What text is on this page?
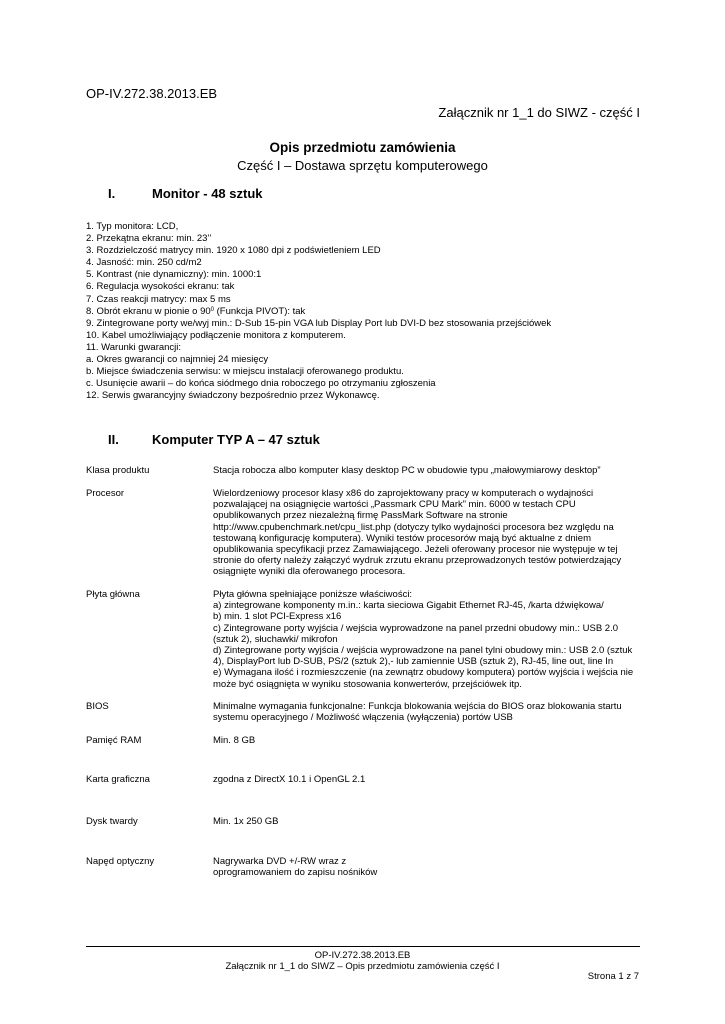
OP-IV.272.38.2013.EB
Załącznik nr 1_1 do SIWZ - część I
Opis przedmiotu zamówienia
Część I – Dostawa sprzętu komputerowego
I.	Monitor - 48 sztuk
1. Typ monitora: LCD,
2. Przekątna ekranu: min. 23’’
3. Rozdzielczość matrycy min. 1920 x 1080 dpi z podświetleniem LED
4. Jasność: min. 250 cd/m2
5. Kontrast (nie dynamiczny): min. 1000:1
6. Regulacja wysokości ekranu: tak
7. Czas reakcji matrycy: max 5 ms
8. Obrót ekranu w pionie o $90^0$ (Funkcja PIVOT): tak
9. Zintegrowane porty we/wyj min.: D-Sub 15-pin VGA lub Display Port lub DVI-D bez stosowania przejściówek
10. Kabel umożliwiający podłączenie monitora z komputerem.
11. Warunki gwarancji:
a. Okres gwarancji co najmniej 24 miesięcy
b. Miejsce świadczenia serwisu: w miejscu instalacji oferowanego produktu.
c. Usunięcie awarii – do końca siódmego dnia roboczego po otrzymaniu zgłoszenia
12. Serwis gwarancyjny świadczony bezpośrednio przez Wykonawcę.
II.	Komputer TYP A – 47 sztuk
Klasa produktu	Stacja robocza albo komputer klasy desktop PC w obudowie typu „małowymiarowy desktop”
Procesor	Wielordzeniowy procesor klasy x86 do zaprojektowany pracy w komputerach o wydajności
pozwalającej na osiągnięcie wartości „Passmark CPU Mark” min. 6000 w testach CPU
opublikowanych przez niezależną firmę PassMark Software na stronie
http://www.cpubenchmark.net/cpu_list.php (dotyczy tylko wydajności procesora bez względu na
testowaną konfigurację komputera). Wyniki testów procesorów mają być aktualne z dniem
opublikowania specyfikacji przez Zamawiającego. Jeżeli oferowany procesor nie występuje w tej
stronie do oferty należy załączyć wydruk zrzutu ekranu przeprowadzonych testów potwierdzający
osiągnięte wyniki dla oferowanego procesora.
Płyta główna	Płyta główna spełniające poniższe właściwości:
a) zintegrowane komponenty m.in.: karta sieciowa Gigabit Ethernet RJ-45, /karta dźwiękowa/
b) min. 1 slot PCI-Express x16
c) Zintegrowane porty wyjścia / wejścia wyprowadzone na panel przedni obudowy min.: USB 2.0
(sztuk 2), słuchawki/ mikrofon
d) Zintegrowane porty wyjścia / wejścia wyprowadzone na panel tylni obudowy min.: USB 2.0 (sztuk
4), DisplayPort lub D-SUB, PS/2 (sztuk 2),- lub zamiennie USB (sztuk 2), RJ-45, line out, line In
e) Wymagana ilość i rozmieszczenie (na zewnątrz obudowy komputera) portów wyjścia i wejścia nie
może być osiągnięta w wyniku stosowania konwerterów, przejściówek itp.
BIOS	Minimalne wymagania funkcjonalne: Funkcja blokowania wejścia do BIOS oraz blokowania startu
systemu operacyjnego / Możliwość włączenia (wyłączenia) portów USB
Pamięć RAM	Min. 8 GB
Karta graficzna	zgodna z DirectX 10.1 i OpenGL 2.1
Dysk twardy	Min. 1x 250 GB
Napęd optyczny	Nagrywarka DVD +/-RW wraz z
oprogramowaniem do zapisu nośników
OP-IV.272.38.2013.EB
Załącznik nr 1_1 do SIWZ – Opis przedmiotu zamówienia część I
Strona 1 z 7
